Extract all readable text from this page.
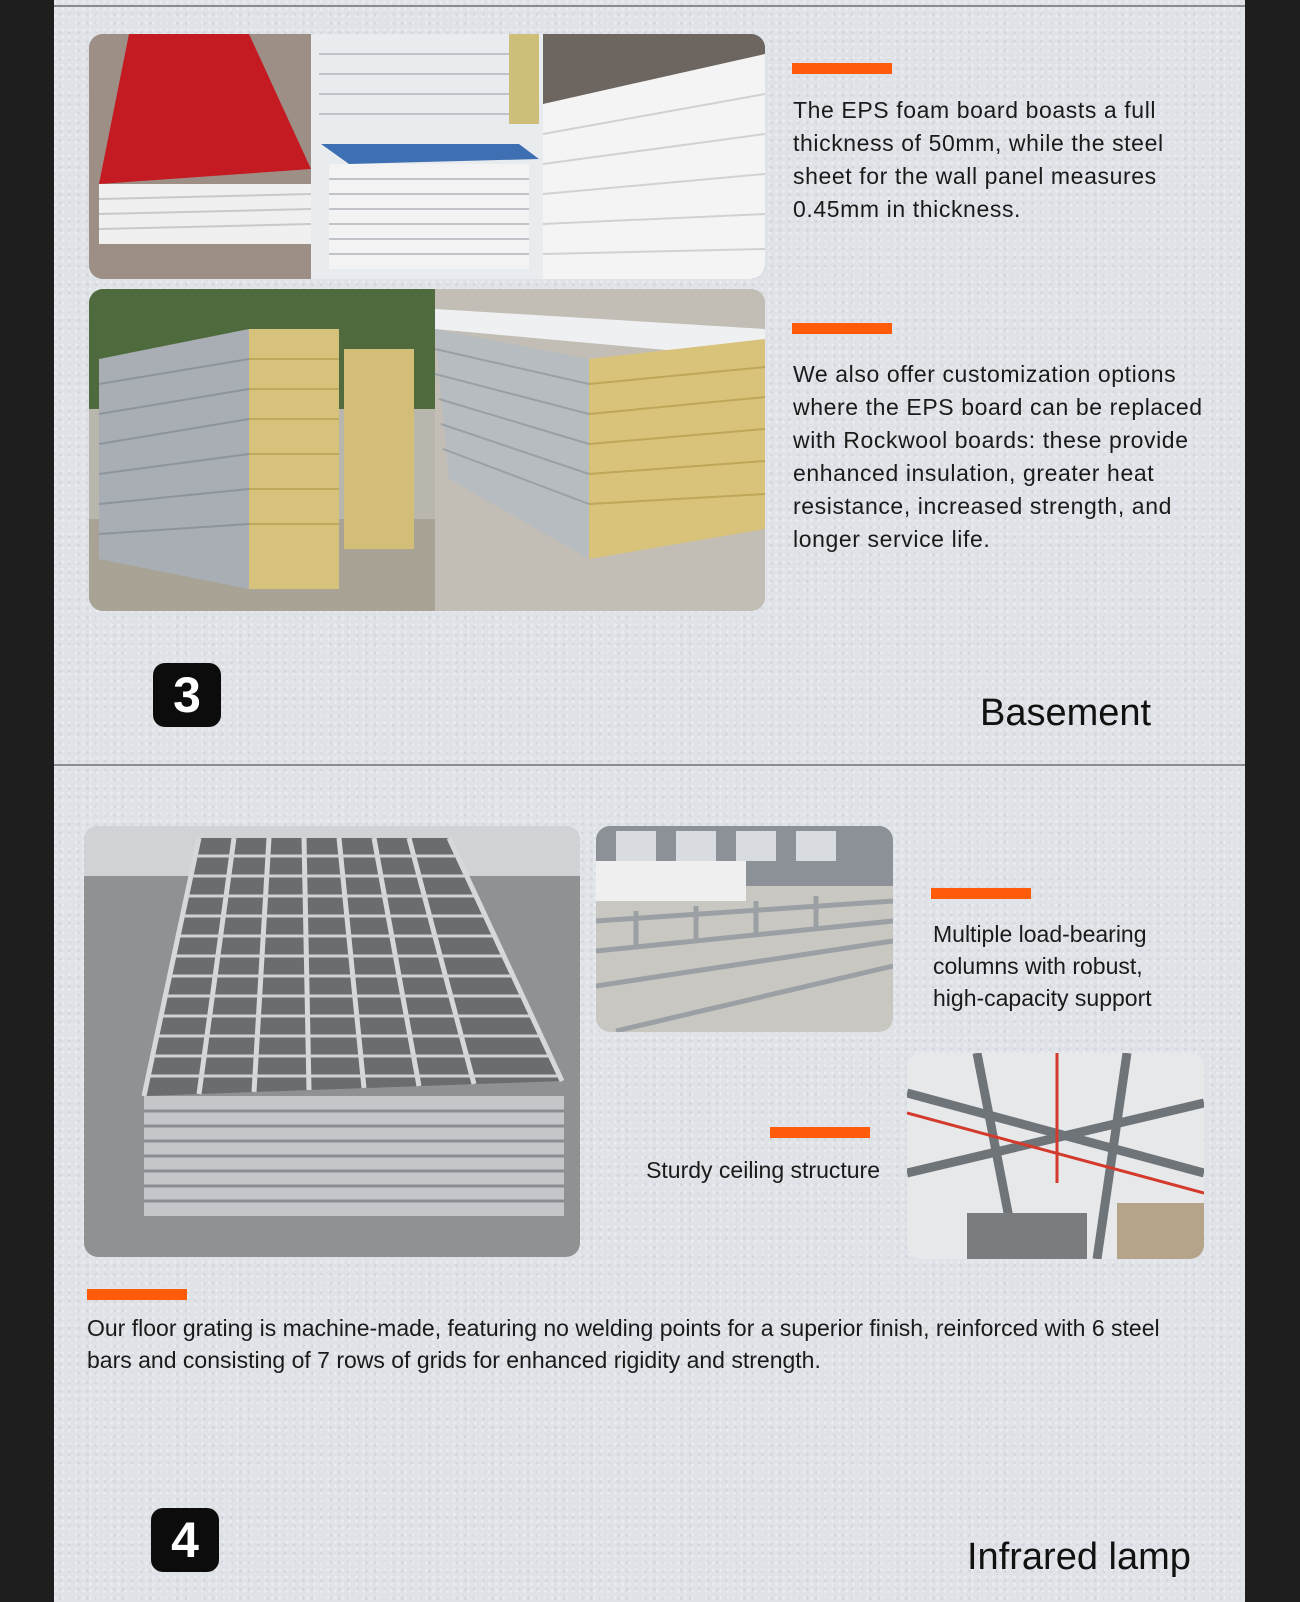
The EPS foam board boasts a full thickness of 50mm, while the steel sheet for the wall panel measures 0.45mm in thickness.

We also offer customization options where the EPS board can be replaced with Rockwool boards: these provide enhanced insulation, greater heat resistance, increased strength, and longer service life.

3	Basement

Multiple load-bearing columns with robust, high-capacity support

Sturdy ceiling structure

Our floor grating is machine-made, featuring no welding points for a superior finish, reinforced with 6 steel bars and consisting of 7 rows of grids for enhanced rigidity and strength.

4	Infrared lamp
